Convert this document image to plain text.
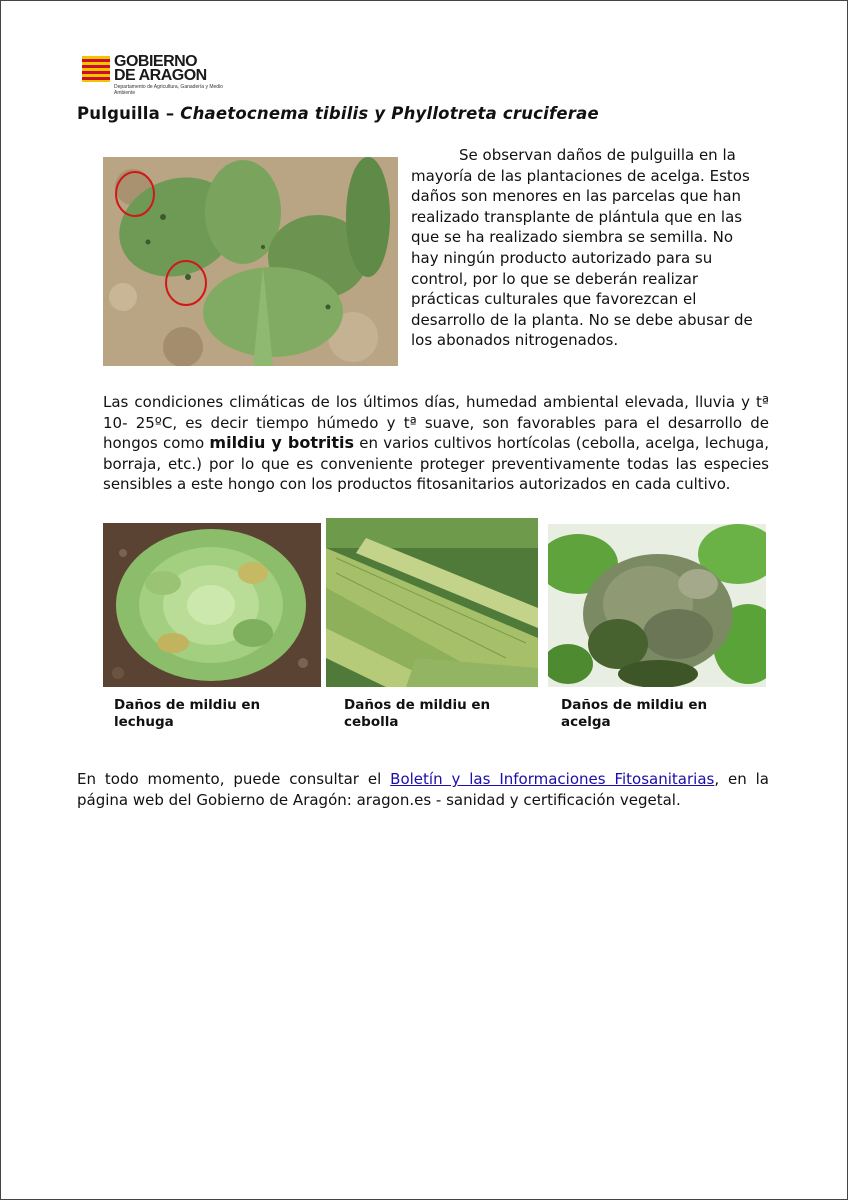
GOBIERNO
DE ARAGON
Departamento de Agricultura, Ganadería y Medio Ambiente
Pulguilla – Chaetocnema tibilis y Phyllotreta cruciferae

Se observan daños de pulguilla en la mayoría de las plantaciones de acelga. Estos daños son menores en las parcelas que han realizado transplante de plántula que en las que se ha realizado siembra se semilla. No hay ningún producto autorizado para su control, por lo que se deberán realizar prácticas culturales que favorezcan el desarrollo de la planta. No se debe abusar de los abonados nitrogenados.

Las condiciones climáticas de los últimos días, humedad ambiental elevada, lluvia y tª 10- 25ºC, es decir tiempo húmedo y tª suave, son favorables para el desarrollo de hongos como mildiu y botritis en varios cultivos hortícolas (cebolla, acelga, lechuga, borraja, etc.) por lo que es conveniente proteger preventivamente todas las especies sensibles a este hongo con los productos fitosanitarios autorizados en cada cultivo.

Daños de mildiu en lechuga

Daños de mildiu en cebolla

Daños de mildiu en acelga

En todo momento, puede consultar el Boletín y las Informaciones Fitosanitarias, en la página web del Gobierno de Aragón: aragon.es - sanidad y certificación vegetal.
